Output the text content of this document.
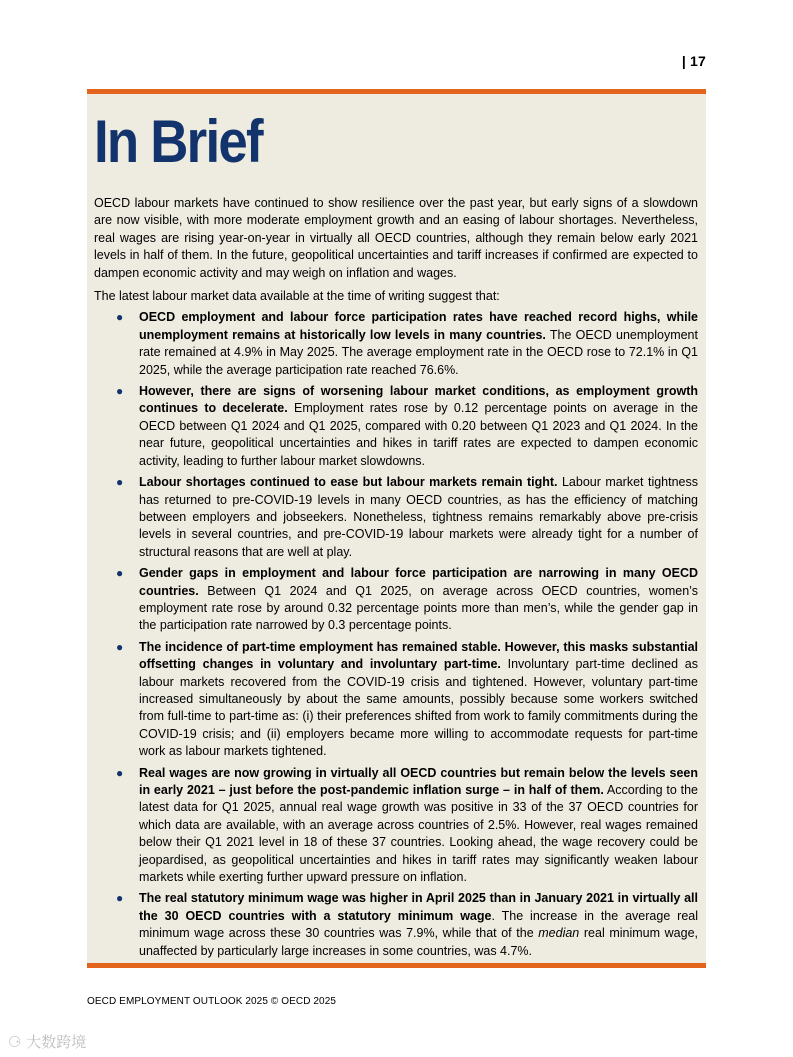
| 17
In Brief

OECD labour markets have continued to show resilience over the past year, but early signs of a slowdown are now visible, with more moderate employment growth and an easing of labour shortages. Nevertheless, real wages are rising year-on-year in virtually all OECD countries, although they remain below early 2021 levels in half of them. In the future, geopolitical uncertainties and tariff increases if confirmed are expected to dampen economic activity and may weigh on inflation and wages.

The latest labour market data available at the time of writing suggest that:

● OECD employment and labour force participation rates have reached record highs, while unemployment remains at historically low levels in many countries. The OECD unemployment rate remained at 4.9% in May 2025. The average employment rate in the OECD rose to 72.1% in Q1 2025, while the average participation rate reached 76.6%.
● However, there are signs of worsening labour market conditions, as employment growth continues to decelerate. Employment rates rose by 0.12 percentage points on average in the OECD between Q1 2024 and Q1 2025, compared with 0.20 between Q1 2023 and Q1 2024. In the near future, geopolitical uncertainties and hikes in tariff rates are expected to dampen economic activity, leading to further labour market slowdowns.
● Labour shortages continued to ease but labour markets remain tight. Labour market tightness has returned to pre-COVID-19 levels in many OECD countries, as has the efficiency of matching between employers and jobseekers. Nonetheless, tightness remains remarkably above pre-crisis levels in several countries, and pre-COVID-19 labour markets were already tight for a number of structural reasons that are well at play.
● Gender gaps in employment and labour force participation are narrowing in many OECD countries. Between Q1 2024 and Q1 2025, on average across OECD countries, women’s employment rate rose by around 0.32 percentage points more than men’s, while the gender gap in the participation rate narrowed by 0.3 percentage points.
● The incidence of part-time employment has remained stable. However, this masks substantial offsetting changes in voluntary and involuntary part-time. Involuntary part-time declined as labour markets recovered from the COVID-19 crisis and tightened. However, voluntary part-time increased simultaneously by about the same amounts, possibly because some workers switched from full-time to part-time as: (i) their preferences shifted from work to family commitments during the COVID-19 crisis; and (ii) employers became more willing to accommodate requests for part-time work as labour markets tightened.
● Real wages are now growing in virtually all OECD countries but remain below the levels seen in early 2021 – just before the post-pandemic inflation surge – in half of them. According to the latest data for Q1 2025, annual real wage growth was positive in 33 of the 37 OECD countries for which data are available, with an average across countries of 2.5%. However, real wages remained below their Q1 2021 level in 18 of these 37 countries. Looking ahead, the wage recovery could be jeopardised, as geopolitical uncertainties and hikes in tariff rates may significantly weaken labour markets while exerting further upward pressure on inflation.
● The real statutory minimum wage was higher in April 2025 than in January 2021 in virtually all the 30 OECD countries with a statutory minimum wage. The increase in the average real minimum wage across these 30 countries was 7.9%, while that of the median real minimum wage, unaffected by particularly large increases in some countries, was 4.7%.
OECD EMPLOYMENT OUTLOOK 2025 © OECD 2025
⚆ 大数跨境
